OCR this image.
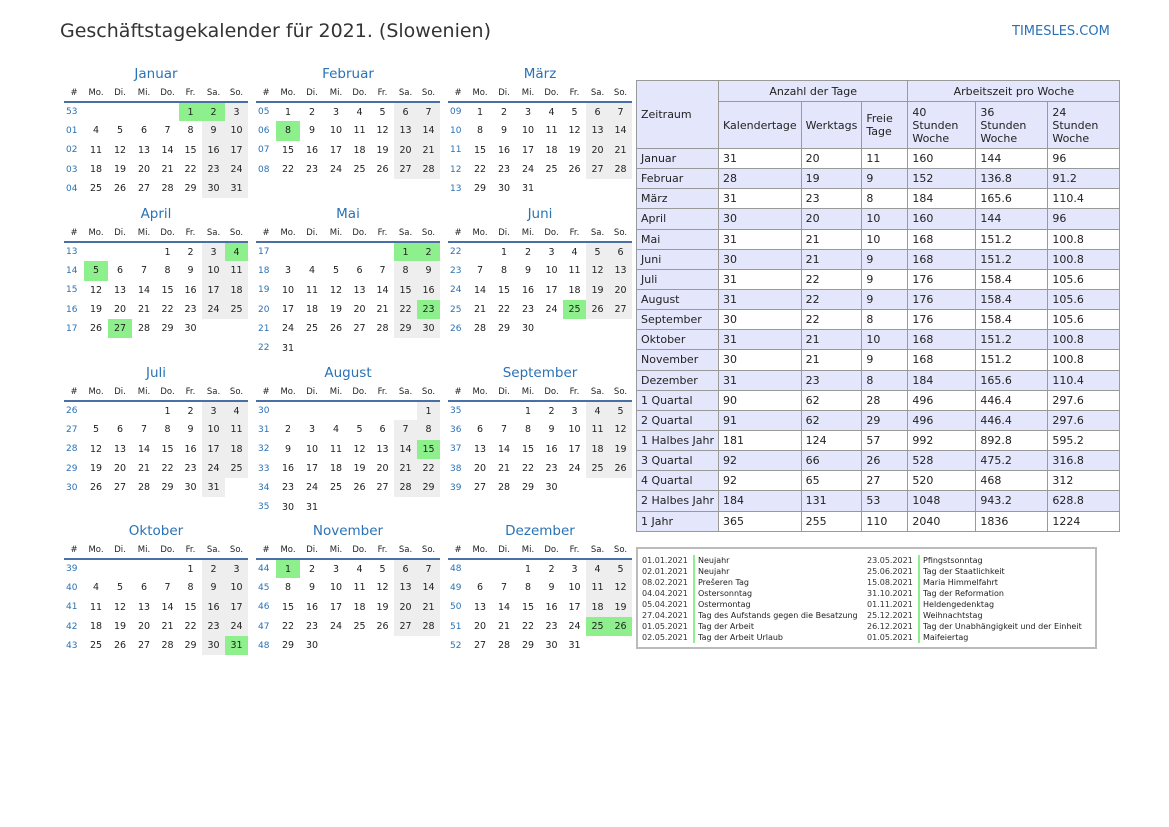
Geschäftstagekalender für 2021. (Slowenien)	TIMESLES.COM
Januar
#	Mo.	Di.	Mi.	Do.	Fr.	Sa.	So.
53					1	2	3
01	4	5	6	7	8	9	10
02	11	12	13	14	15	16	17
03	18	19	20	21	22	23	24
04	25	26	27	28	29	30	31
Februar
#	Mo.	Di.	Mi.	Do.	Fr.	Sa.	So.
05	1	2	3	4	5	6	7
06	8	9	10	11	12	13	14
07	15	16	17	18	19	20	21
08	22	23	24	25	26	27	28
März
#	Mo.	Di.	Mi.	Do.	Fr.	Sa.	So.
09	1	2	3	4	5	6	7
10	8	9	10	11	12	13	14
11	15	16	17	18	19	20	21
12	22	23	24	25	26	27	28
13	29	30	31				
April
#	Mo.	Di.	Mi.	Do.	Fr.	Sa.	So.
13				1	2	3	4
14	5	6	7	8	9	10	11
15	12	13	14	15	16	17	18
16	19	20	21	22	23	24	25
17	26	27	28	29	30		
Mai
#	Mo.	Di.	Mi.	Do.	Fr.	Sa.	So.
17						1	2
18	3	4	5	6	7	8	9
19	10	11	12	13	14	15	16
20	17	18	19	20	21	22	23
21	24	25	26	27	28	29	30
22	31						
Juni
#	Mo.	Di.	Mi.	Do.	Fr.	Sa.	So.
22		1	2	3	4	5	6
23	7	8	9	10	11	12	13
24	14	15	16	17	18	19	20
25	21	22	23	24	25	26	27
26	28	29	30				
Juli
#	Mo.	Di.	Mi.	Do.	Fr.	Sa.	So.
26				1	2	3	4
27	5	6	7	8	9	10	11
28	12	13	14	15	16	17	18
29	19	20	21	22	23	24	25
30	26	27	28	29	30	31	
August
#	Mo.	Di.	Mi.	Do.	Fr.	Sa.	So.
30							1
31	2	3	4	5	6	7	8
32	9	10	11	12	13	14	15
33	16	17	18	19	20	21	22
34	23	24	25	26	27	28	29
35	30	31					
September
#	Mo.	Di.	Mi.	Do.	Fr.	Sa.	So.
35			1	2	3	4	5
36	6	7	8	9	10	11	12
37	13	14	15	16	17	18	19
38	20	21	22	23	24	25	26
39	27	28	29	30			
Oktober
#	Mo.	Di.	Mi.	Do.	Fr.	Sa.	So.
39					1	2	3
40	4	5	6	7	8	9	10
41	11	12	13	14	15	16	17
42	18	19	20	21	22	23	24
43	25	26	27	28	29	30	31
November
#	Mo.	Di.	Mi.	Do.	Fr.	Sa.	So.
44	1	2	3	4	5	6	7
45	8	9	10	11	12	13	14
46	15	16	17	18	19	20	21
47	22	23	24	25	26	27	28
48	29	30					
Dezember
#	Mo.	Di.	Mi.	Do.	Fr.	Sa.	So.
48			1	2	3	4	5
49	6	7	8	9	10	11	12
50	13	14	15	16	17	18	19
51	20	21	22	23	24	25	26
52	27	28	29	30	31		
Zeitraum	Anzahl der Tage			Arbeitszeit pro Woche		
	Kalendertage	Werktags	Freie Tage	40 Stunden Woche	36 Stunden Woche	24 Stunden Woche
Januar	31	20	11	160	144	96
Februar	28	19	9	152	136.8	91.2
März	31	23	8	184	165.6	110.4
April	30	20	10	160	144	96
Mai	31	21	10	168	151.2	100.8
Juni	30	21	9	168	151.2	100.8
Juli	31	22	9	176	158.4	105.6
August	31	22	9	176	158.4	105.6
September	30	22	8	176	158.4	105.6
Oktober	31	21	10	168	151.2	100.8
November	30	21	9	168	151.2	100.8
Dezember	31	23	8	184	165.6	110.4
1 Quartal	90	62	28	496	446.4	297.6
2 Quartal	91	62	29	496	446.4	297.6
1 Halbes Jahr	181	124	57	992	892.8	595.2
3 Quartal	92	66	26	528	475.2	316.8
4 Quartal	92	65	27	520	468	312
2 Halbes Jahr	184	131	53	1048	943.2	628.8
1 Jahr	365	255	110	2040	1836	1224
01.01.2021	Neujahr
02.01.2021	Neujahr
08.02.2021	Prešeren Tag
04.04.2021	Ostersonntag
05.04.2021	Ostermontag
27.04.2021	Tag des Aufstands gegen die Besatzung
01.05.2021	Tag der Arbeit
02.05.2021	Tag der Arbeit Urlaub
23.05.2021	Pfingstsonntag
25.06.2021	Tag der Staatlichkeit
15.08.2021	Maria Himmelfahrt
31.10.2021	Tag der Reformation
01.11.2021	Heldengedenktag
25.12.2021	Weihnachtstag
26.12.2021	Tag der Unabhängigkeit und der Einheit
01.05.2021	Maifeiertag
